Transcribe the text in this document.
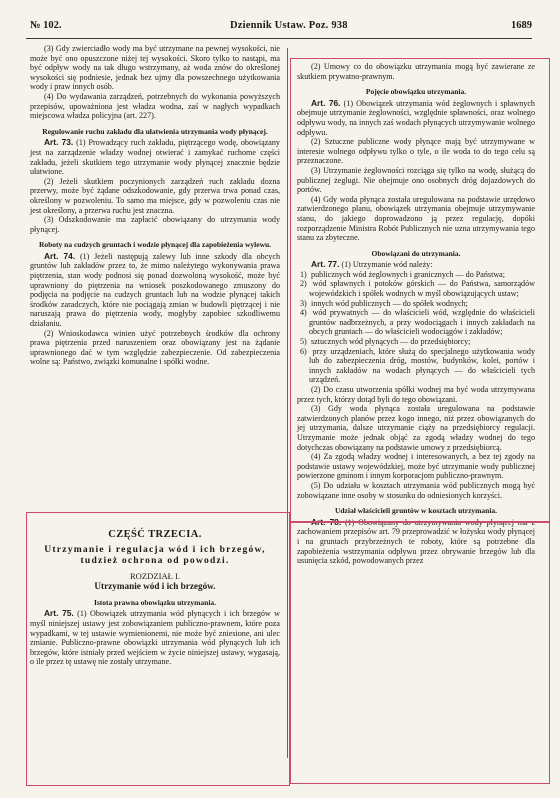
№ 102.	Dziennik Ustaw. Poz. 938	1689

(3) Gdy zwierciadło wody ma być utrzymane na pewnej wysokości, nie może być ono opuszczone niżej tej wysokości. Skoro tylko to nastąpi, ma być odpływ wody na tak długo wstrzymany, aż woda znów do określonej wysokości się podniesie, jednak bez ujmy dla powszechnego użytkowania wody i praw innych osób.

(4) Do wydawania zarządzeń, potrzebnych do wykonania powyższych przepisów, upoważniona jest władza wodna, zaś w nagłych wypadkach miejscowa władza policyjna (art. 227).

Regulowanie ruchu zakładu dla ułatwienia utrzymania wody płynącej.

Art. 73. (1) Prowadzący ruch zakładu, piętrzącego wodę, obowiązany jest na zarządzenie władzy wodnej otwierać i zamykać ruchome części zakładu, jeżeli skutkiem tego utrzymanie wody płynącej znacznie będzie ułatwione.

(2) Jeżeli skutkiem poczynionych zarządzeń ruch zakładu dozna przerwy, może być żądane odszkodowanie, gdy przerwa trwa ponad czas, określony w pozwoleniu. To samo ma miejsce, gdy w pozwoleniu czas nie jest określony, a przerwa ruchu jest znaczna.

(3) Odszkodowanie ma zapłacić obowiązany do utrzymania wody płynącej.

Roboty na cudzych gruntach i wodzie płynącej dla zapobieżenia wylewu.

Art. 74. (1) Jeżeli następują zalewy lub inne szkody dla obcych gruntów lub zakładów przez to, że mimo należytego wykonywania prawa piętrzenia, stan wody podnosi się ponad dozwoloną wysokość, może być uprawniony do piętrzenia na wniosek poszkodowanego zmuszony do podjęcia na podjęcie na cudzych gruntach lub na wodzie płynącej takich środków zaradczych, które nie pociągają zmian w budowli piętrzącej i nie naruszają prawa do piętrzenia wody, mogłyby zapobiec szkodliwemu działaniu.

(2) Wnioskodawca winien użyć potrzebnych środków dla ochrony prawa piętrzenia przed naruszeniem oraz obowiązany jest na żądanie uprawnionego dać w tym względzie zabezpieczenie. Od zabezpieczenia wolne są: Państwo, związki komunalne i spółki wodne.

CZĘŚĆ TRZECIA.
Utrzymanie i regulacja wód i ich brzegów, tudzież ochrona od powodzi.
ROZDZIAŁ I.
Utrzymanie wód i ich brzegów.
Istota prawna obowiązku utrzymania.

Art. 75. (1) Obowiązek utrzymania wód płynących i ich brzegów w myśl niniejszej ustawy jest zobowiązaniem publiczno-prawnem, które poza wypadkami, w tej ustawie wymienionemi, nie może być zniesione, ani ulec zmianie. Publiczno-prawne obowiązki utrzymania wód płynących lub ich brzegów, które istniały przed wejściem w życie niniejszej ustawy, wygasają, o ile przez tę ustawę nie zostały utrzymane.

(2) Umowy co do obowiązku utrzymania mogą być zawierane ze skutkiem prywatno-prawnym.

Pojęcie obowiązku utrzymania.

Art. 76. (1) Obowiązek utrzymania wód żeglownych i spławnych obejmuje utrzymanie żeglowności, względnie spławności, oraz wolnego odpływu wody, na innych zaś wodach płynących utrzymywanie wolnego odpływu.

(2) Sztuczne publiczne wody płynące mają być utrzymywane w interesie wolnego odpływu tylko o tyle, o ile woda to do tego celu są przeznaczone.

(3) Utrzymanie żeglowności rozciąga się tylko na wodę, służącą do publicznej żeglugi. Nie obejmuje ono osobnych dróg dojazdowych do portów.

(4) Gdy woda płynąca została uregulowana na podstawie urzędowo zatwierdzonego planu, obowiązek utrzymania obejmuje utrzymywanie stanu, do jakiego doprowadzono ją przez regulację, dopóki rozporządzenie Ministra Robót Publicznych nie uzna utrzymywania tego stanu za zbyteczne.

Obowiązani do utrzymania.

Art. 77. (1) Utrzymanie wód należy:

1) publicznych wód żeglownych i granicznych — do Państwa;
2) wód spławnych i potoków górskich — do Państwa, samorządów wojewódzkich i spółek wodnych w myśl obowiązujących ustaw;
3) innych wód publicznych — do spółek wodnych;
4) wód prywatnych — do właścicieli wód, względnie do właścicieli gruntów nadbrzeżnych, a przy wodociągach i innych zakładach na obcych gruntach — do właścicieli wodociągów i zakładów;
5) sztucznych wód płynących — do przedsiębiorcy;
6) przy urządzeniach, które służą do specjalnego użytkowania wody lub do zabezpieczenia dróg, mostów, budynków, kolei, portów i innych zakładów na wodach płynących — do właścicieli tych urządzeń.

(2) Do czasu utworzenia spółki wodnej ma być woda utrzymywana przez tych, którzy dotąd byli do tego obowiązani.

(3) Gdy woda płynąca została uregulowana na podstawie zatwierdzonych planów przez kogo innego, niż przez obowiązanych do jej utrzymania, dalsze utrzymanie ciąży na przedsiębiorcy regulacji. Utrzymanie może jednak objąć za zgodą władzy wodnej do tego dotychczas obowiązany na podstawie umowy z przedsiębiorcą.

(4) Za zgodą władzy wodnej i interesowanych, a bez tej zgody na podstawie ustawy wojewódzkiej, może być utrzymanie wody publicznej powierzone gminom i innym korporacjom publiczno-prawnym.

(5) Do udziału w kosztach utrzymania wód publicznych mogą być zobowiązane inne osoby w stosunku do odniesionych korzyści.

Udział właścicieli gruntów w kosztach utrzymania.

Art. 78. (1) Obowiązany do utrzymywania wody płynącej ma z zachowaniem przepisów art. 79 przeprowadzić w łożysku wody płynącej i na gruntach przybrzeżnych te roboty, które są potrzebne dla zapobieżenia wstrzymania odpływu przez obrywanie brzegów lub dla usunięcia szkód, powodowanych przez
